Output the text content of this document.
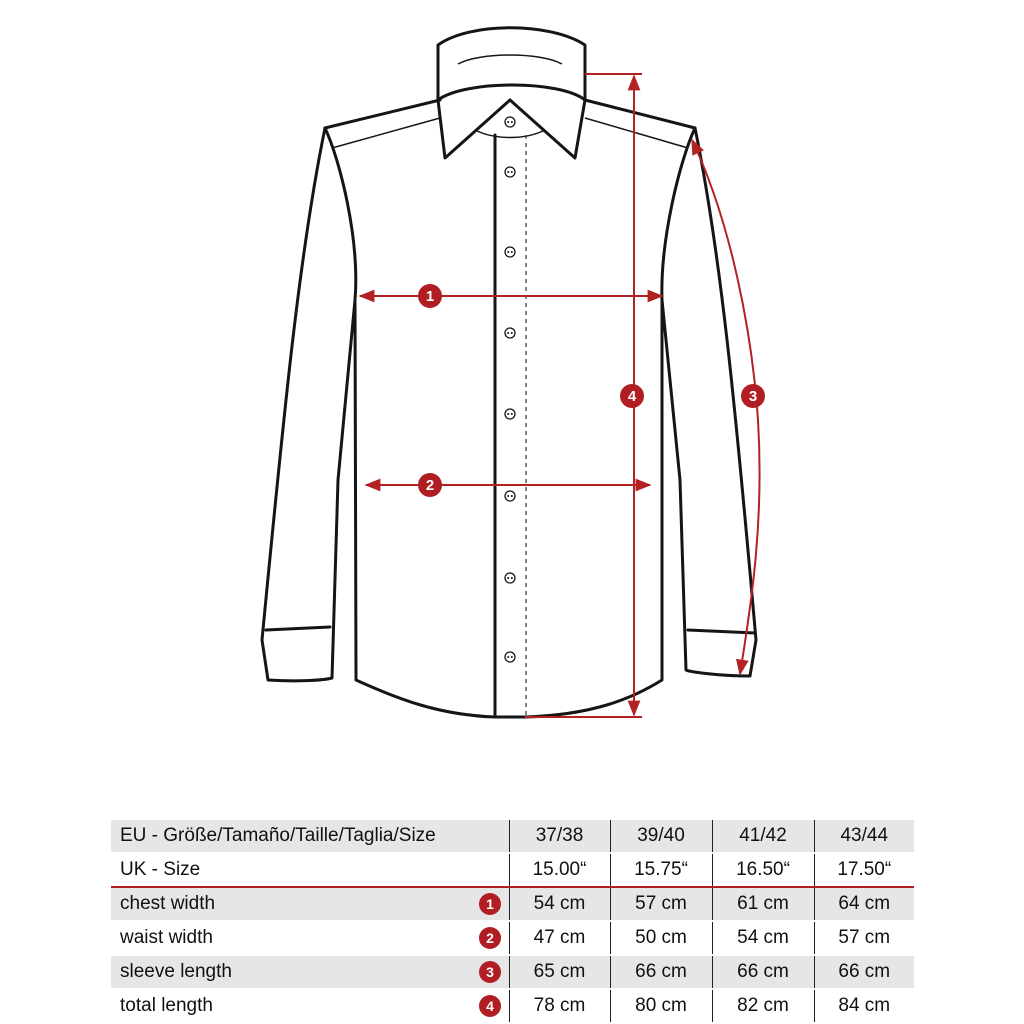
1
2
3
4
EU - Größe/Tamaño/Taille/Taglia/Size		37/38	39/40	41/42	43/44
UK - Size		15.00“	15.75“	16.50“	17.50“
chest width	1	54 cm	57 cm	61 cm	64 cm
waist width	2	47 cm	50 cm	54 cm	57 cm
sleeve length	3	65 cm	66 cm	66 cm	66 cm
total length	4	78 cm	80 cm	82 cm	84 cm
